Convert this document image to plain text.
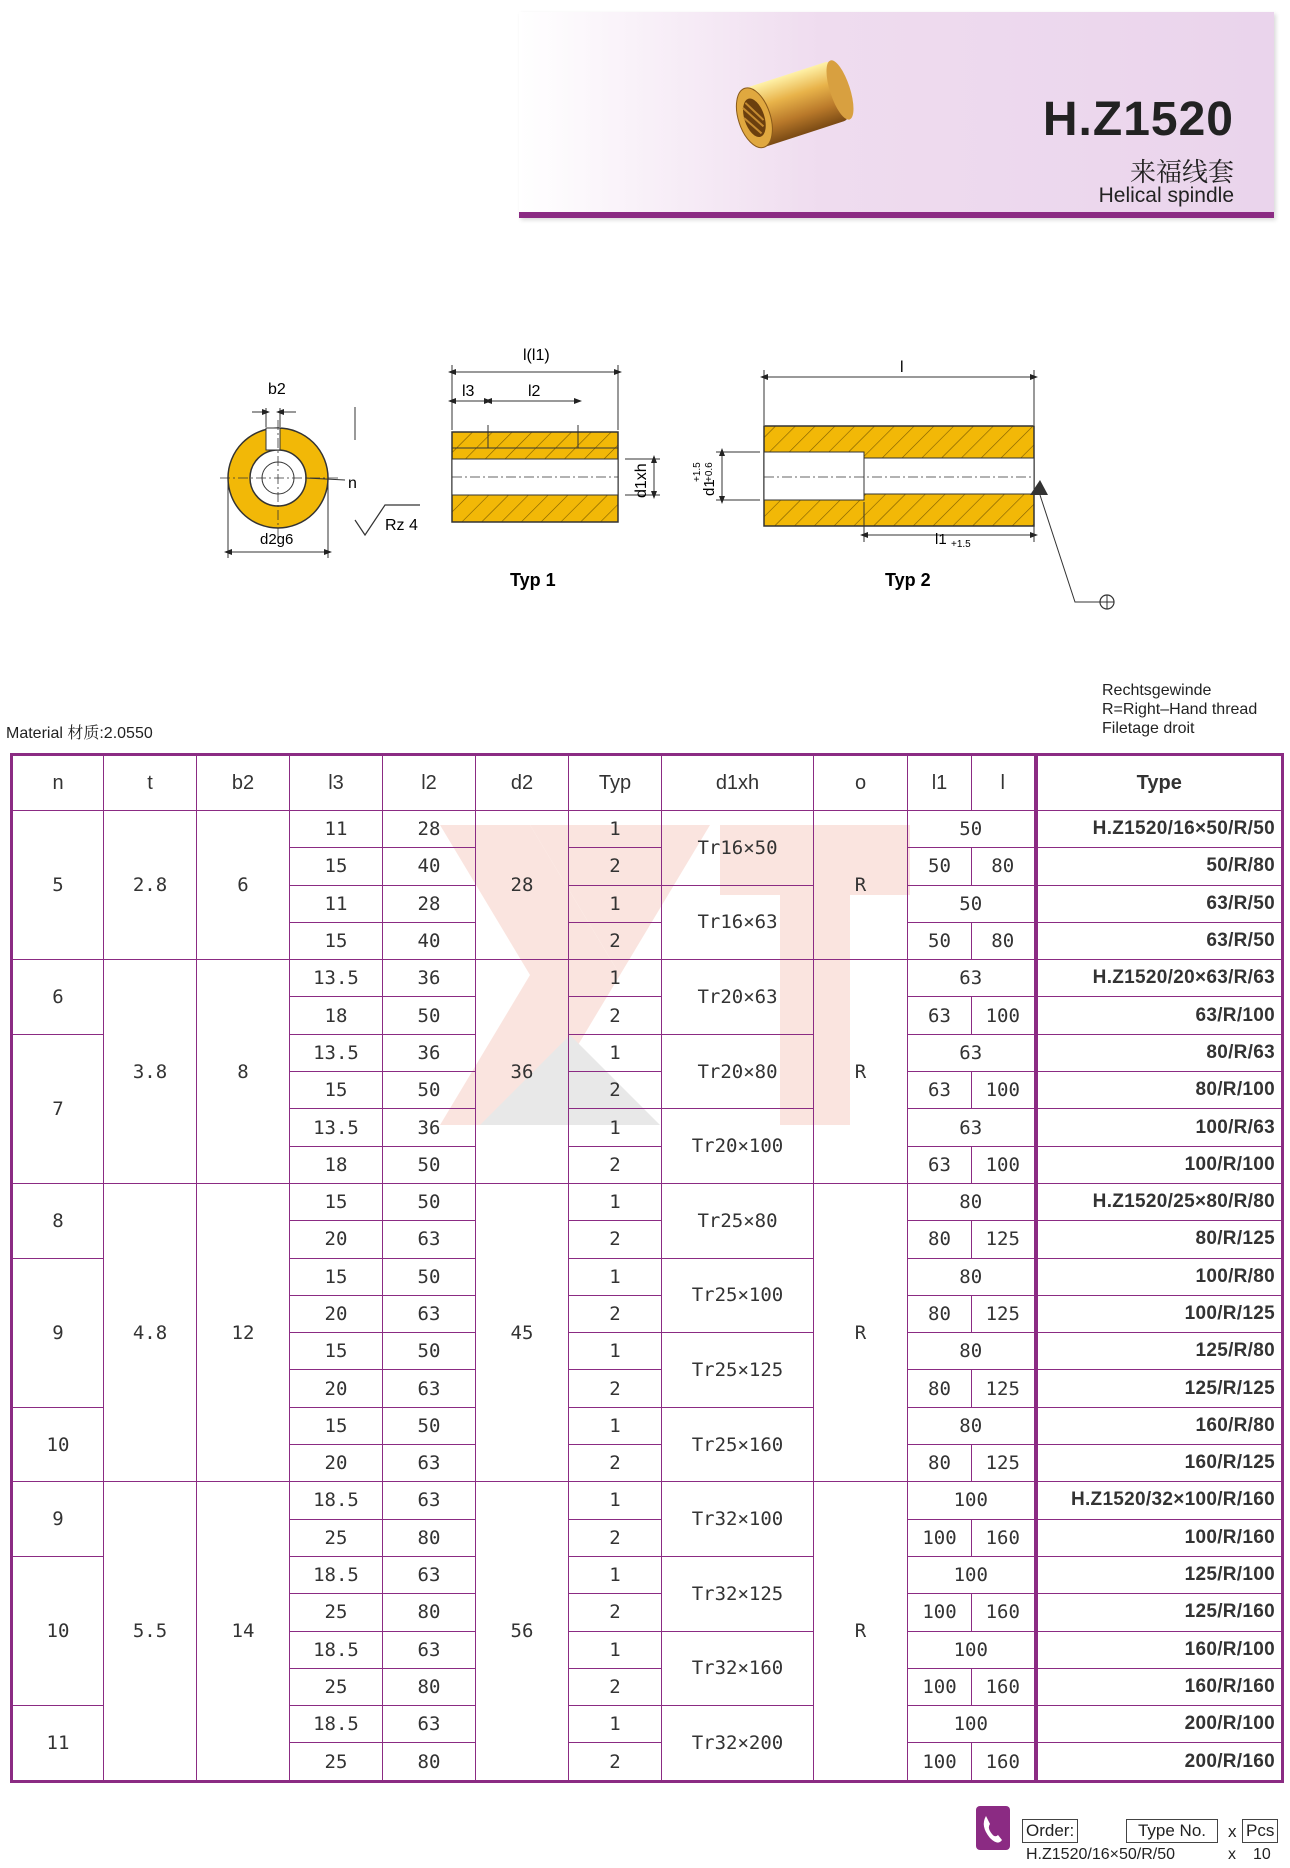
H.Z1520
来福线套
Helical spindle
b2
n
d2g6
Rz 4
l(l1)
l3	l2
d1xh
Typ 1
l
d1
+1.5 +0.6
l1 +1.5
Typ 2
Material 材质:2.0550
Rechtsgewinde
R=Right–Hand thread
Filetage droit
n	t	b2	l3	l2	d2	Typ	d1xh	o	l1	l	Type
5	2.8	6	11	28	28	1	Tr16×50	R	50		H.Z1520/16×50/R/50
			15	40		2			50	80	50/R/80
			11	28		1	Tr16×63		50		63/R/50
			15	40		2			50	80	63/R/50
6	3.8	8	13.5	36	36	1	Tr20×63	R	63		H.Z1520/20×63/R/63
			18	50		2			63	100	63/R/100
7			13.5	36		1	Tr20×80		63		80/R/63
			15	50		2			63	100	80/R/100
			13.5	36		1	Tr20×100		63		100/R/63
			18	50		2			63	100	100/R/100
8	4.8	12	15	50	45	1	Tr25×80	R	80		H.Z1520/25×80/R/80
			20	63		2			80	125	80/R/125
9			15	50		1	Tr25×100		80		100/R/80
			20	63		2			80	125	100/R/125
			15	50		1	Tr25×125		80		125/R/80
			20	63		2			80	125	125/R/125
10			15	50		1	Tr25×160		80		160/R/80
			20	63		2			80	125	160/R/125
9	5.5	14	18.5	63	56	1	Tr32×100	R	100		H.Z1520/32×100/R/160
			25	80		2			100	160	100/R/160
10			18.5	63		1	Tr32×125		100		125/R/100
			25	80		2			100	160	125/R/160
			18.5	63		1	Tr32×160		100		160/R/100
			25	80		2			100	160	160/R/160
11			18.5	63		1	Tr32×200		100		200/R/100
			25	80		2			100	160	200/R/160
Order:	Type No.	x Pcs
H.Z1520/16×50/R/50	x 10
